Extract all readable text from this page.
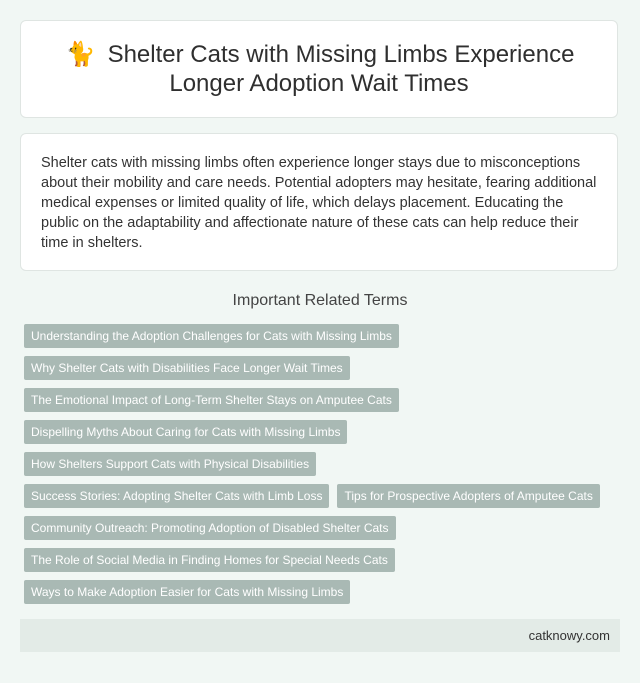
🐈 Shelter Cats with Missing Limbs Experience Longer Adoption Wait Times

Shelter cats with missing limbs often experience longer stays due to misconceptions about their mobility and care needs. Potential adopters may hesitate, fearing additional medical expenses or limited quality of life, which delays placement. Educating the public on the adaptability and affectionate nature of these cats can help reduce their time in shelters.

Important Related Terms
Understanding the Adoption Challenges for Cats with Missing Limbs
Why Shelter Cats with Disabilities Face Longer Wait Times
The Emotional Impact of Long-Term Shelter Stays on Amputee Cats
Dispelling Myths About Caring for Cats with Missing Limbs
How Shelters Support Cats with Physical Disabilities
Success Stories: Adopting Shelter Cats with Limb Loss	Tips for Prospective Adopters of Amputee Cats
Community Outreach: Promoting Adoption of Disabled Shelter Cats
The Role of Social Media in Finding Homes for Special Needs Cats
Ways to Make Adoption Easier for Cats with Missing Limbs
catknowy.com
